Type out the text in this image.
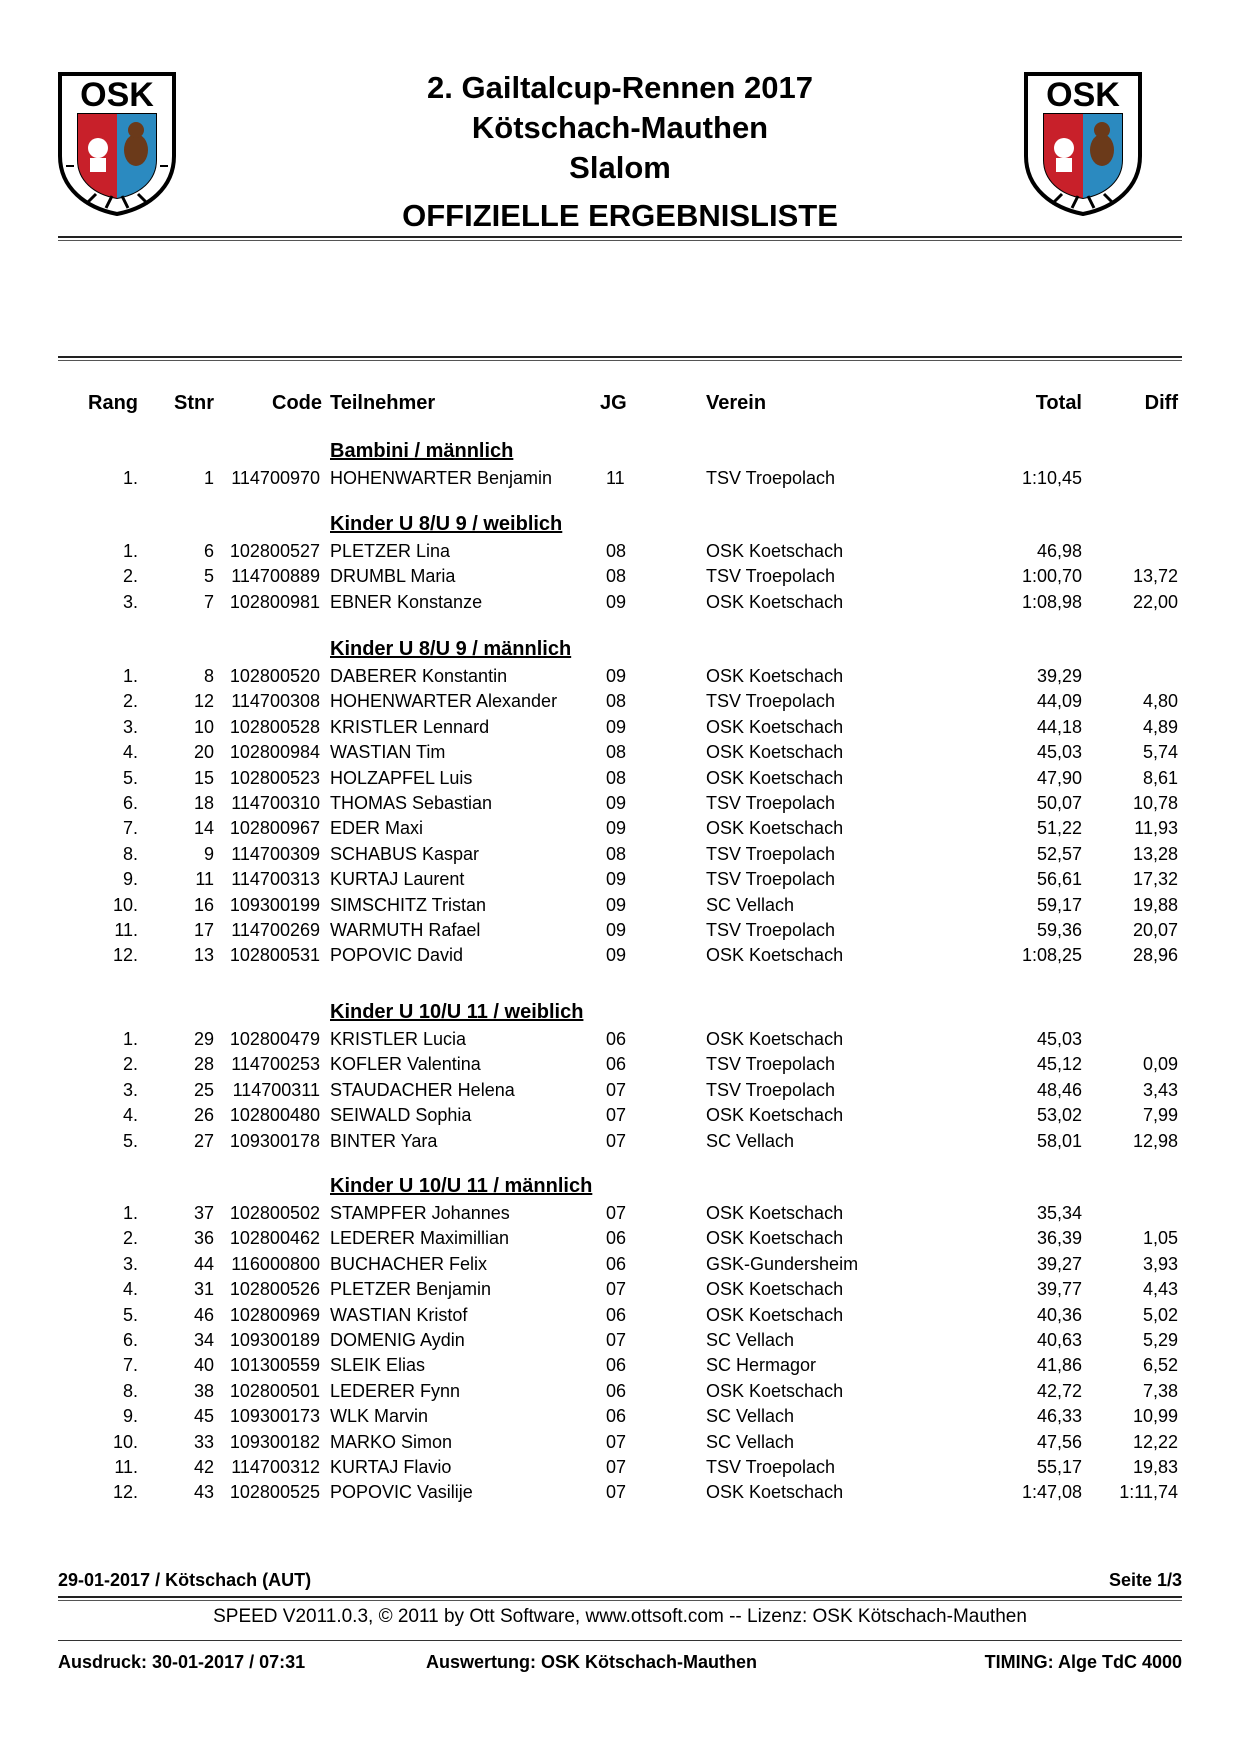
OSK	OSK
2. Gailtalcup-Rennen 2017
Kötschach-Mauthen
Slalom
OFFIZIELLE ERGEBNISLISTE
Rang	Stnr	Code Teilnehmer	JG	Verein	Total	Diff
Bambini / männlich
1.	1 114700970 HOHENWARTER Benjamin	11	TSV Troepolach	1:10,45
Kinder U 8/U 9 / weiblich
1.	6 102800527 PLETZER Lina	08	OSK Koetschach	46,98
2.	5 114700889 DRUMBL Maria	08	TSV Troepolach	1:00,70	13,72
3.	7 102800981 EBNER Konstanze	09	OSK Koetschach	1:08,98	22,00
Kinder U 8/U 9 / männlich
1.	8 102800520 DABERER Konstantin	09	OSK Koetschach	39,29
2.	12 114700308 HOHENWARTER Alexander	08	TSV Troepolach	44,09	4,80
3.	10 102800528 KRISTLER Lennard	09	OSK Koetschach	44,18	4,89
4.	20 102800984 WASTIAN Tim	08	OSK Koetschach	45,03	5,74
5.	15 102800523 HOLZAPFEL Luis	08	OSK Koetschach	47,90	8,61
6.	18 114700310 THOMAS Sebastian	09	TSV Troepolach	50,07	10,78
7.	14 102800967 EDER Maxi	09	OSK Koetschach	51,22	11,93
8.	9 114700309 SCHABUS Kaspar	08	TSV Troepolach	52,57	13,28
9.	11 114700313 KURTAJ Laurent	09	TSV Troepolach	56,61	17,32
10.	16 109300199 SIMSCHITZ Tristan	09	SC Vellach	59,17	19,88
11.	17 114700269 WARMUTH Rafael	09	TSV Troepolach	59,36	20,07
12.	13 102800531 POPOVIC David	09	OSK Koetschach	1:08,25	28,96
Kinder U 10/U 11 / weiblich
1.	29 102800479 KRISTLER Lucia	06	OSK Koetschach	45,03
2.	28 114700253 KOFLER Valentina	06	TSV Troepolach	45,12	0,09
3.	25	114700311 STAUDACHER Helena	07	TSV Troepolach	48,46	3,43
4.	26 102800480 SEIWALD Sophia	07	OSK Koetschach	53,02	7,99
5.	27 109300178 BINTER Yara	07	SC Vellach	58,01	12,98
Kinder U 10/U 11 / männlich
1.	37 102800502 STAMPFER Johannes	07	OSK Koetschach	35,34
2.	36 102800462 LEDERER Maximillian	06	OSK Koetschach	36,39	1,05
3.	44 116000800 BUCHACHER Felix	06	GSK-Gundersheim	39,27	3,93
4.	31 102800526 PLETZER Benjamin	07	OSK Koetschach	39,77	4,43
5.	46 102800969 WASTIAN Kristof	06	OSK Koetschach	40,36	5,02
6.	34 109300189 DOMENIG Aydin	07	SC Vellach	40,63	5,29
7.	40 101300559 SLEIK Elias	06	SC Hermagor	41,86	6,52
8.	38 102800501 LEDERER Fynn	06	OSK Koetschach	42,72	7,38
9.	45 109300173 WLK Marvin	06	SC Vellach	46,33	10,99
10.	33 109300182 MARKO Simon	07	SC Vellach	47,56	12,22
11.	42 114700312 KURTAJ Flavio	07	TSV Troepolach	55,17	19,83
12.	43 102800525 POPOVIC Vasilije	07	OSK Koetschach	1:47,08	1:11,74
29-01-2017 / Kötschach (AUT)	Seite 1/3
SPEED V2011.0.3, © 2011 by Ott Software, www.ottsoft.com -- Lizenz: OSK Kötschach-Mauthen
Ausdruck: 30-01-2017 / 07:31	Auswertung: OSK Kötschach-Mauthen	TIMING: Alge TdC 4000
